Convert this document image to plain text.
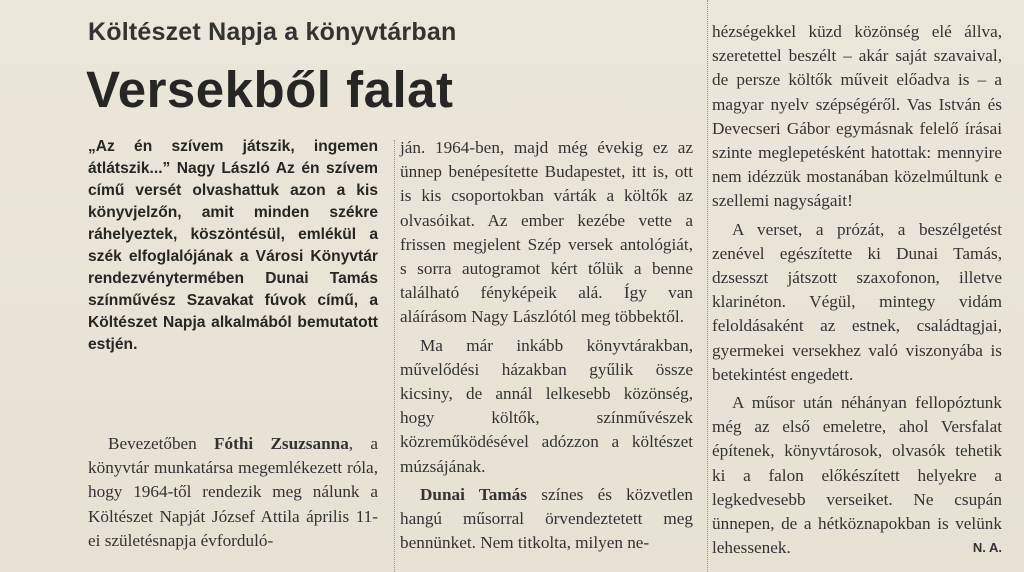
Költészet Napja a könyvtárban
Versekből falat
„Az én szívem játszik, ingemen átlátszik...” Nagy László Az én szívem című versét olvashattuk azon a kis könyvjelzőn, amit minden székre ráhelyeztek, köszöntésül, emlékül a szék elfoglalójának a Városi Könyvtár rendezvénytermében Dunai Tamás színművész Szavakat fúvok című, a Költészet Napja alkalmából bemutatott estjén.

Bevezetőben Fóthi Zsuzsanna, a könyvtár munkatársa megemlékezett róla, hogy 1964-től rendezik meg nálunk a Költészet Napját József Attila április 11-ei születésnapja évforduló-

ján. 1964-ben, majd még évekig ez az ünnep benépesítette Budapestet, itt is, ott is kis csoportokban várták a költők az olvasóikat. Az ember kezébe vette a frissen megjelent Szép versek antológiát, s sorra autogramot kért tőlük a benne található fényképeik alá. Így van aláírásom Nagy Lászlótól meg többektől.

Ma már inkább könyvtárakban, művelődési házakban gyűlik össze kicsiny, de annál lelkesebb közönség, hogy költők, színművészek közreműködésével adózzon a költészet múzsájának.

Dunai Tamás színes és közvetlen hangú műsorral örvendeztetett meg bennünket. Nem titkolta, milyen ne-

hézségekkel küzd közönség elé állva, szeretettel beszélt – akár saját szavaival, de persze költők műveit előadva is – a magyar nyelv szépségéről. Vas István és Devecseri Gábor egymásnak felelő írásai szinte meglepetésként hatottak: mennyire nem idézzük mostanában közelmúltunk e szellemi nagyságait!

A verset, a prózát, a beszélgetést zenével egészítette ki Dunai Tamás, dzsesszt játszott szaxofonon, illetve klarinéton. Végül, mintegy vidám feloldásaként az estnek, családtagjai, gyermekei versekhez való viszonyába is betekintést engedett.

A műsor után néhányan fellopóztunk még az első emeletre, ahol Versfalat építenek, könyvtárosok, olvasók tehetik ki a falon előkészített helyekre a legkedvesebb verseiket. Ne csupán ünnepen, de a hétköznapokban is velünk lehessenek.	N. A.
